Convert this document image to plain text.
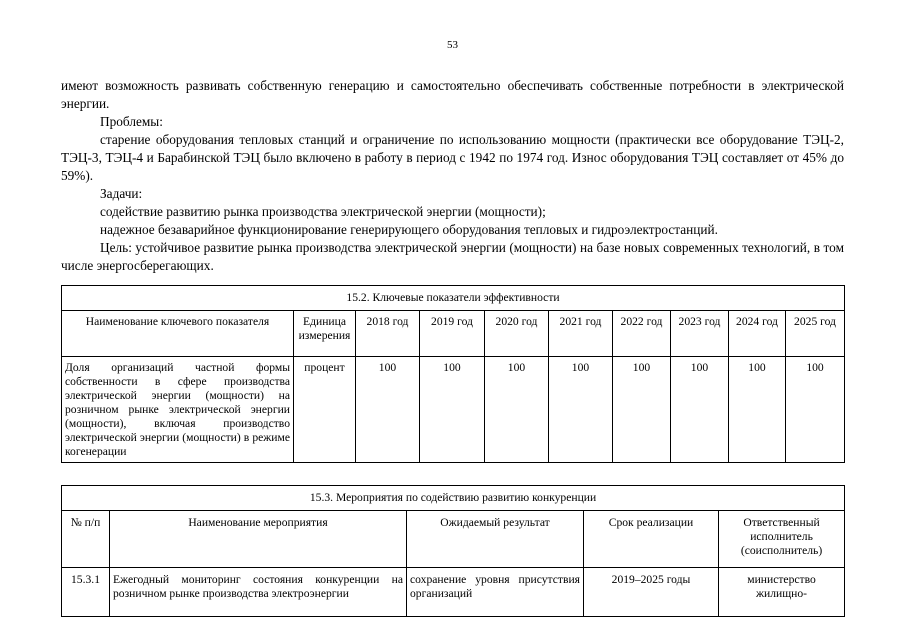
53

имеют возможность развивать собственную генерацию и самостоятельно обеспечивать собственные потребности в электрической энергии.

Проблемы:

старение оборудования тепловых станций и ограничение по использованию мощности (практически все оборудование ТЭЦ-2, ТЭЦ-3, ТЭЦ-4 и Барабинской ТЭЦ было включено в работу в период с 1942 по 1974 год. Износ оборудования ТЭЦ составляет от 45% до 59%).

Задачи:

содействие развитию рынка производства электрической энергии (мощности);

надежное безаварийное функционирование генерирующего оборудования тепловых и гидроэлектростанций.

Цель: устойчивое развитие рынка производства электрической энергии (мощности) на базе новых современных технологий, в том числе энергосберегающих.

15.2. Ключевые показатели эффективности									
Наименование ключевого показателя	Единица измерения	2018 год	2019 год	2020 год	2021 год	2022 год	2023 год	2024 год	2025 год
Доля организаций частной формы собственности в сфере производства электрической энергии (мощности) на розничном рынке электрической энергии (мощности), включая производство электрической энергии (мощности) в режиме когенерации	процент	100	100	100	100	100	100	100	100
15.3. Мероприятия по содействию развитию конкуренции				
№ п/п	Наименование мероприятия	Ожидаемый результат	Срок реализации	Ответственный исполнитель (соисполнитель)
15.3.1	Ежегодный мониторинг состояния конкуренции на розничном рынке производства электроэнергии	сохранение уровня присутствия организаций	2019–2025 годы	министерство жилищно-
